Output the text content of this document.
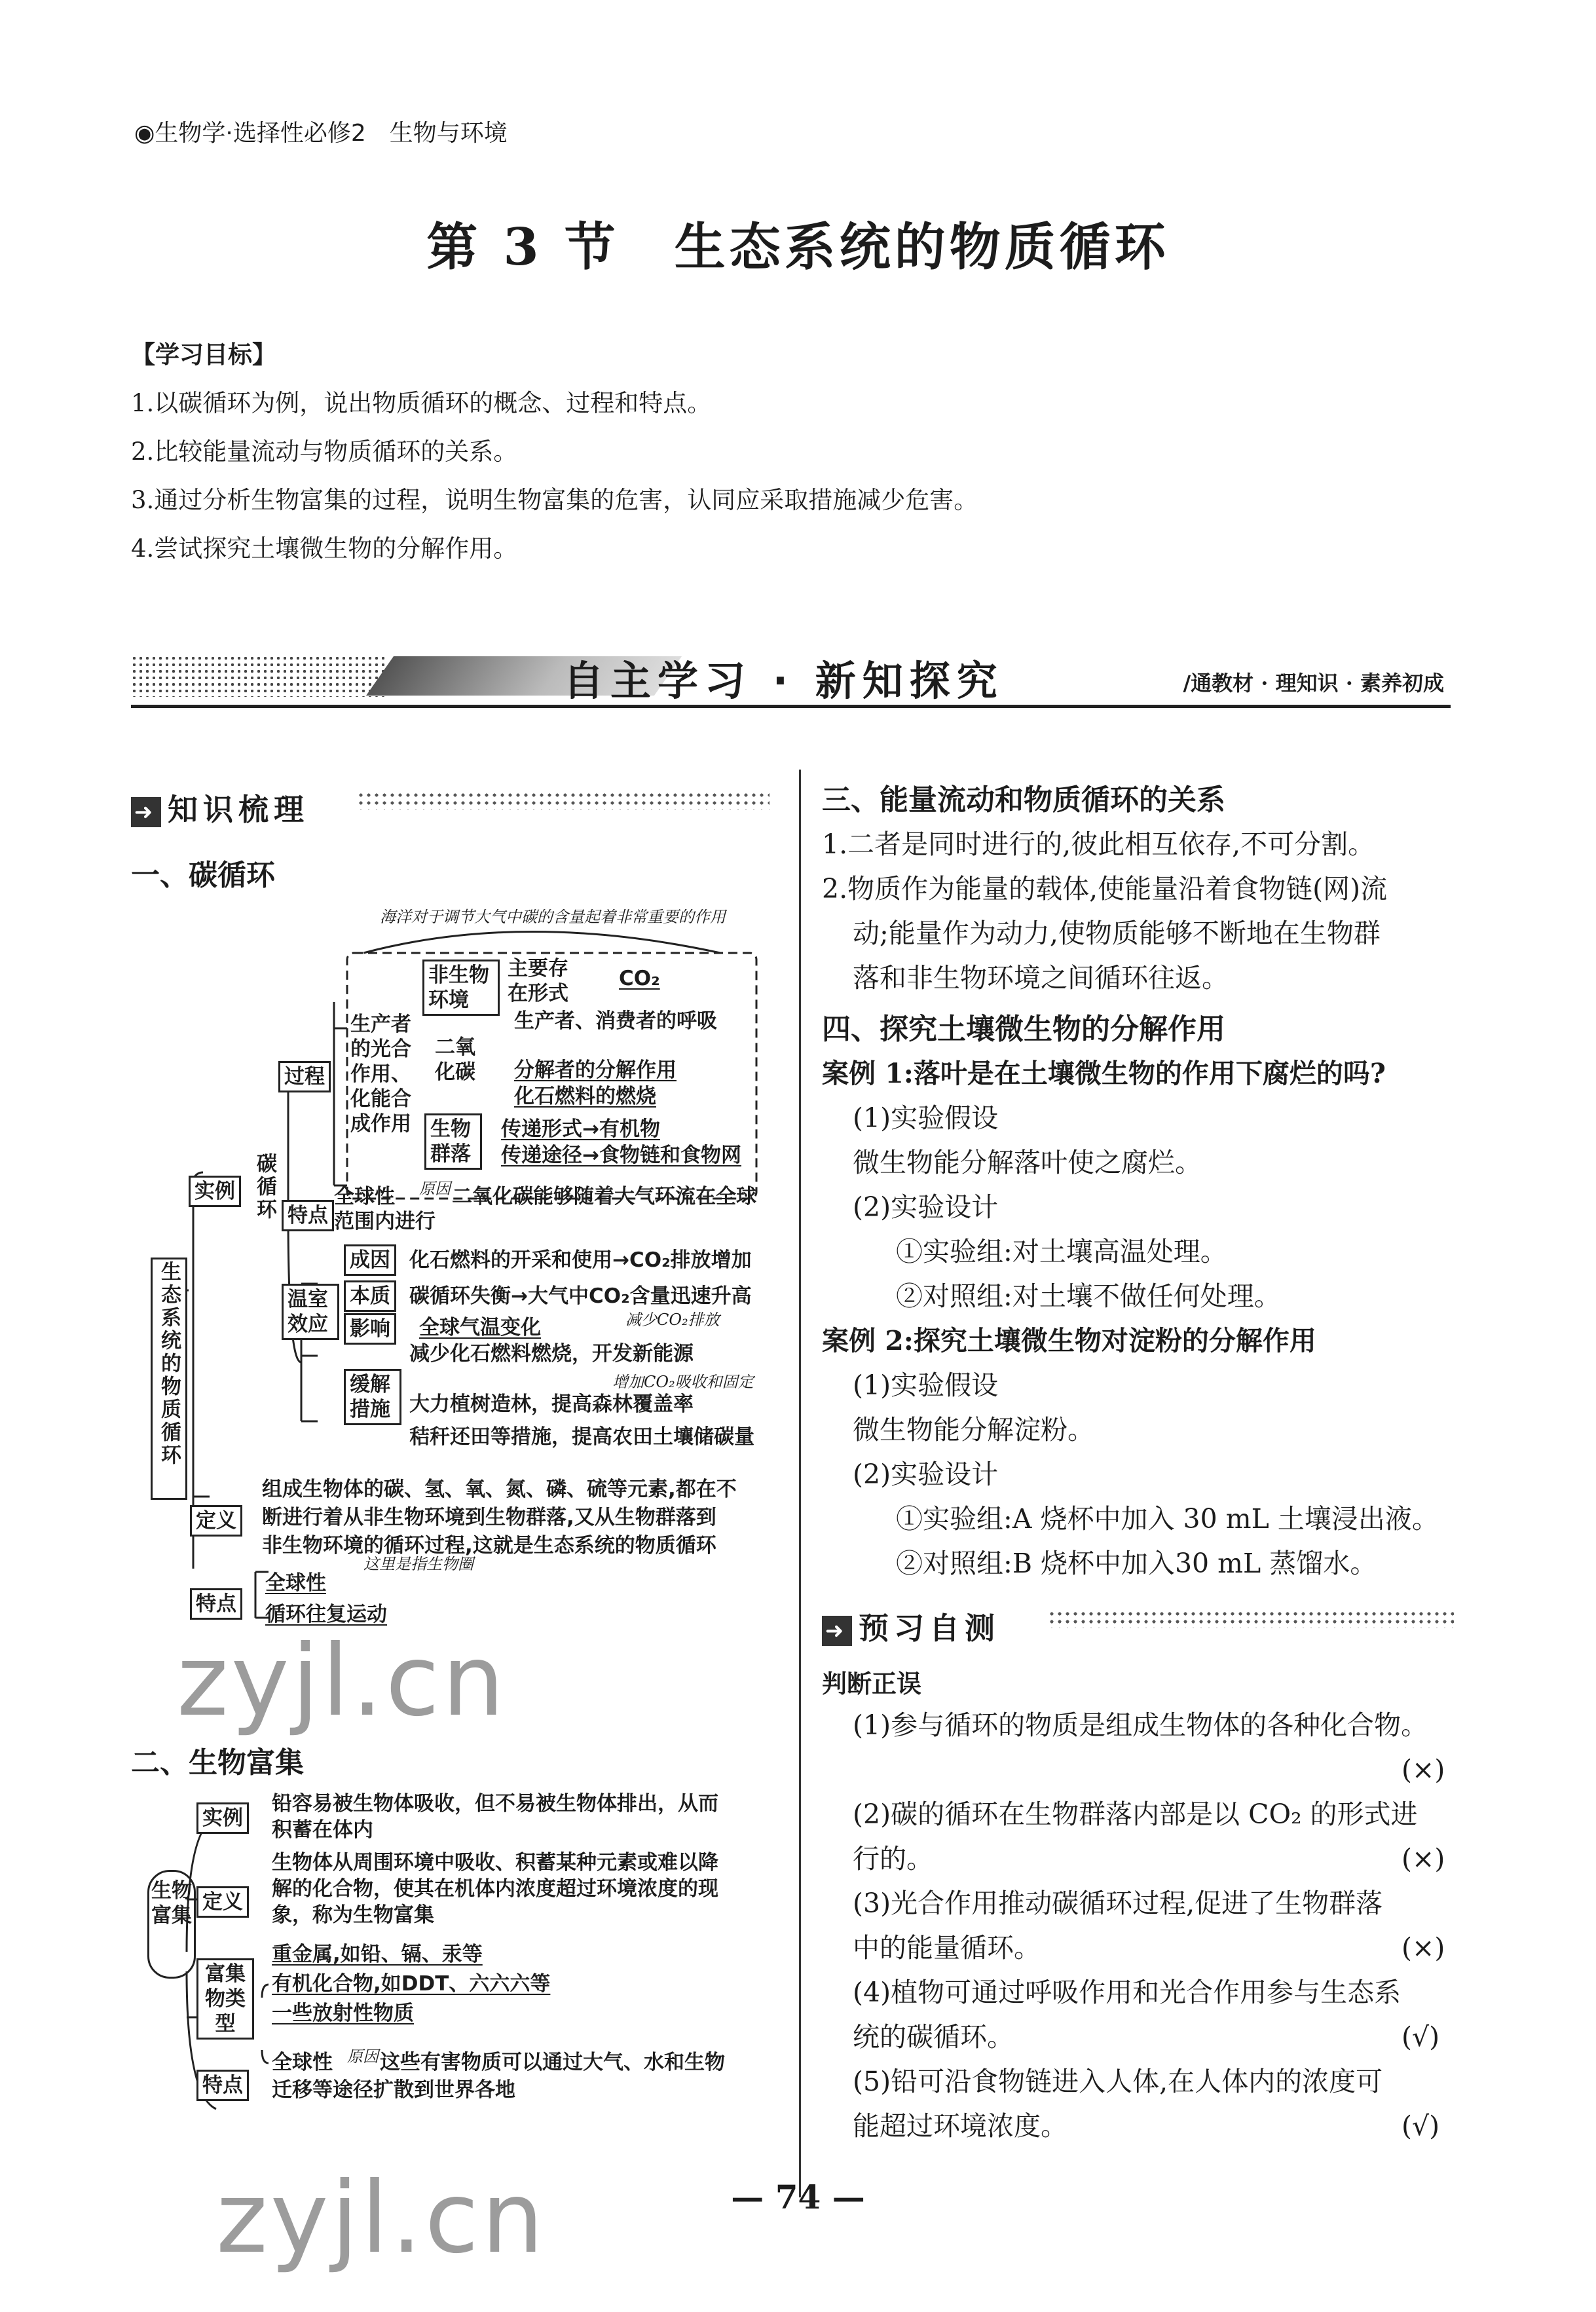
◉生物学·选择性必修2　生物与环境
第 3 节　生态系统的物质循环
【学习目标】
1.以碳循环为例，说出物质循环的概念、过程和特点。
2.比较能量流动与物质循环的关系。
3.通过分析生物富集的过程，说明生物富集的危害，认同应采取措施减少危害。
4.尝试探究土壤微生物的分解作用。
自主学习 · 新知探究	/通教材 · 理知识 · 素养初成
➜ 知识梳理
一、碳循环
海洋对于调节大气中碳的含量起着非常重要的作用
生态系统的物质循环
实例 碳循环
过程
非生物环境
主要存在形式
CO₂
生产者的光合作用、化能合成作用
二氧化碳
生产者、消费者的呼吸
分解者的分解作用
化石燃料的燃烧
生物群落
传递形式→有机物
传递途径→食物链和食物网
特点
全球性 原因 二氧化碳能够随着大气环流在全球范围内进行
温室效应
成因 化石燃料的开采和使用→CO₂排放增加
本质 碳循环失衡→大气中CO₂含量迅速升高
影响 全球气温变化	减少CO₂排放
缓解措施
减少化石燃料燃烧，开发新能源
增加CO₂吸收和固定
大力植树造林，提高森林覆盖率
秸秆还田等措施，提高农田土壤储碳量
定义
组成生物体的碳、氢、氧、氮、磷、硫等元素,都在不
断进行着从非生物环境到生物群落,又从生物群落到
非生物环境的循环过程,这就是生态系统的物质循环
特点
这里是指生物圈
全球性
循环往复运动
zyjl.cn
二、生物富集
生物富集
实例
铅容易被生物体吸收，但不易被生物体排出，从而
积蓄在体内
定义
生物体从周围环境中吸收、积蓄某种元素或难以降
解的化合物，使其在机体内浓度超过环境浓度的现
象，称为生物富集
富集物类型
重金属,如铅、镉、汞等
有机化合物,如DDT、六六六等
一些放射性物质
特点
全球性 原因 这些有害物质可以通过大气、水和生物
迁移等途径扩散到世界各地
三、能量流动和物质循环的关系
1.二者是同时进行的,彼此相互依存,不可分割。
2.物质作为能量的载体,使能量沿着食物链(网)流
动;能量作为动力,使物质能够不断地在生物群
落和非生物环境之间循环往返。
四、探究土壤微生物的分解作用
案例 1:落叶是在土壤微生物的作用下腐烂的吗?
(1)实验假设
微生物能分解落叶使之腐烂。
(2)实验设计
①实验组:对土壤高温处理。
②对照组:对土壤不做任何处理。
案例 2:探究土壤微生物对淀粉的分解作用
(1)实验假设
微生物能分解淀粉。
(2)实验设计
①实验组:A 烧杯中加入 30 mL 土壤浸出液。
②对照组:B 烧杯中加入30 mL 蒸馏水。
➜ 预习自测
判断正误
(1)参与循环的物质是组成生物体的各种化合物。
(×)
(2)碳的循环在生物群落内部是以 CO₂ 的形式进
行的。	(×)
(3)光合作用推动碳循环过程,促进了生物群落
中的能量循环。	(×)
(4)植物可通过呼吸作用和光合作用参与生态系
统的碳循环。	(√)
(5)铅可沿食物链进入人体,在人体内的浓度可
能超过环境浓度。	(√)
— 74 —
zyjl.cn
